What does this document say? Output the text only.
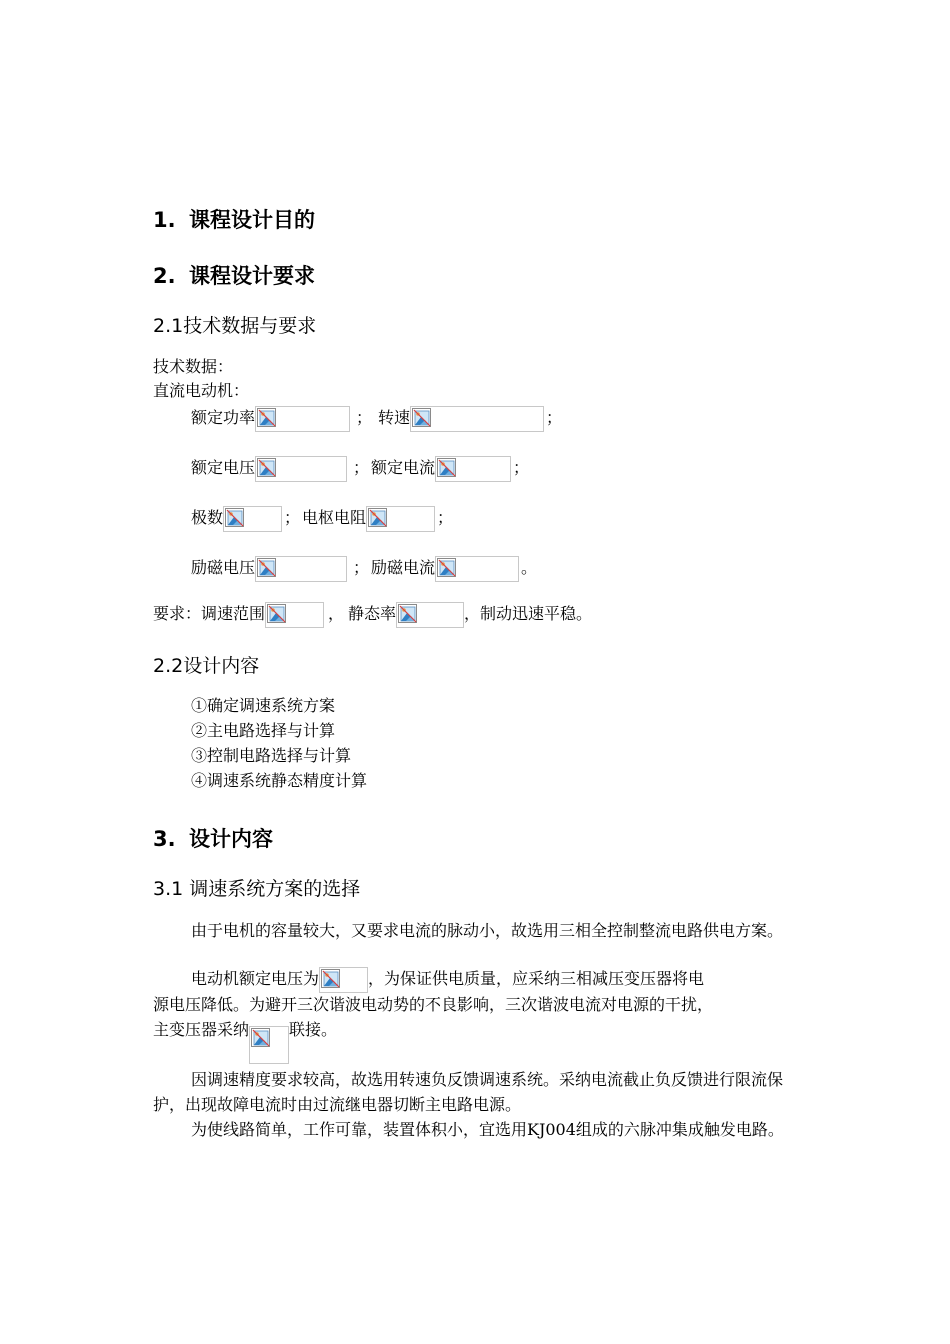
1. 课程设计目的
2. 课程设计要求
2.1技术数据与要求
技术数据：
直流电动机：
额定功率	； 转速	；
额定电压	； 额定电流	；
极数	； 电枢电阻	；
励磁电压	； 励磁电流	。
要求：调速范围	， 静态率	，制动迅速平稳。
2.2设计内容
①确定调速系统方案
②主电路选择与计算
③控制电路选择与计算
④调速系统静态精度计算
3. 设计内容
3.1 调速系统方案的选择
由于电机的容量较大，又要求电流的脉动小，故选用三相全控制整流电路供电方案。
电动机额定电压为	，为保证供电质量，应采纳三相减压变压器将电
源电压降低。为避开三次谐波电动势的不良影响，三次谐波电流对电源的干扰，
主变压器采纳	联接。
因调速精度要求较高，故选用转速负反馈调速系统。采纳电流截止负反馈进行限流保护，出现故障电流时由过流继电器切断主电路电源。
为使线路简单，工作可靠，装置体积小，宜选用KJ004组成的六脉冲集成触发电路。
